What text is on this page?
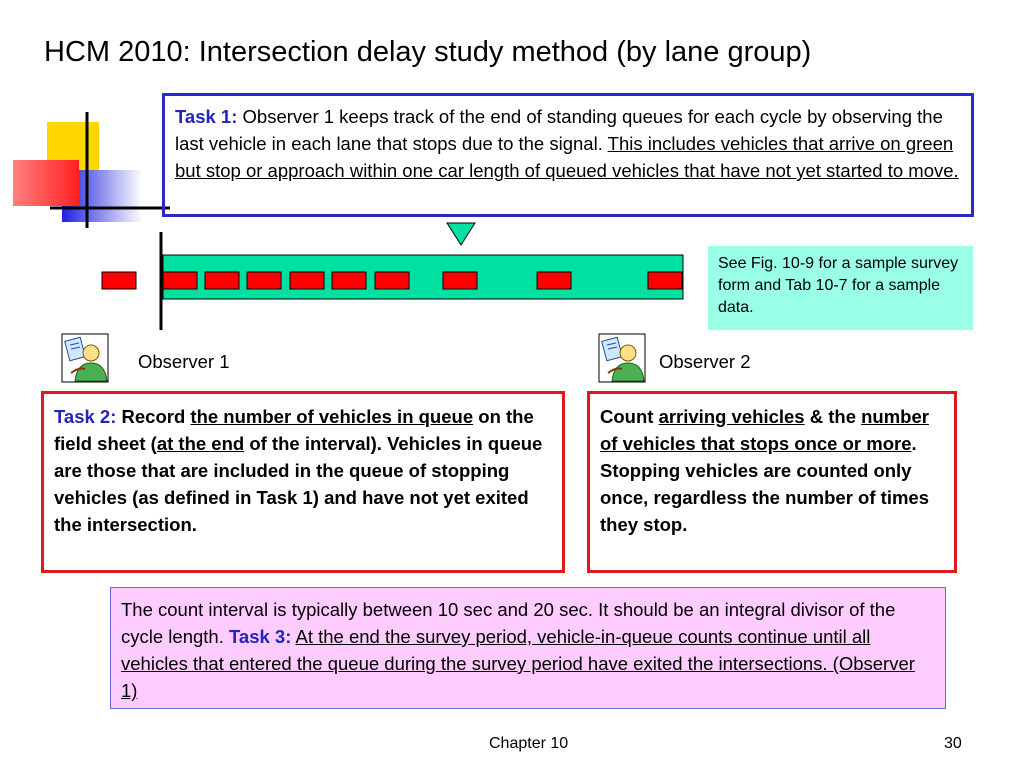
HCM 2010: Intersection delay study method (by lane group)
Task 1: Observer 1 keeps track of the end of standing queues for each cycle by observing the last vehicle in each lane that stops due to the signal. This includes vehicles that arrive on green but stop or approach within one car length of queued vehicles that have not yet started to move.
See Fig. 10-9 for a sample survey form and Tab 10-7 for a sample data.
Observer 1	Observer 2
Task 2: Record the number of vehicles in queue on the field sheet (at the end of the interval). Vehicles in queue are those that are included in the queue of stopping vehicles (as defined in Task 1) and have not yet exited the intersection.
Count arriving vehicles & the number of vehicles that stops once or more. Stopping vehicles are counted only once, regardless the number of times they stop.
The count interval is typically between 10 sec and 20 sec. It should be an integral divisor of the cycle length. Task 3: At the end the survey period, vehicle-in-queue counts continue until all vehicles that entered the queue during the survey period have exited the intersections. (Observer 1)
Chapter 10	30
